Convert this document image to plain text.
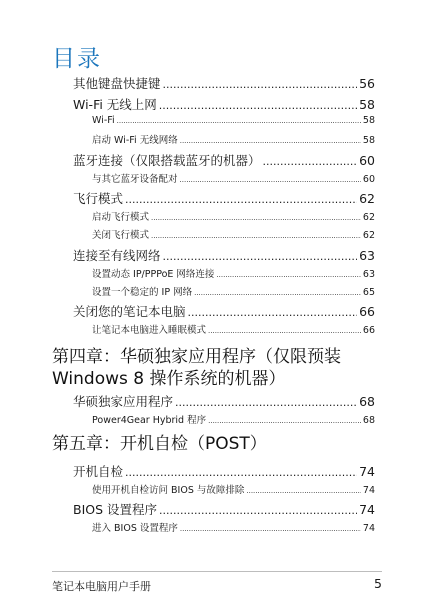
目录
其他键盘快捷键 .....	56
Wi-Fi 无线上网 .....	58
Wi-Fi .....	58
启动 Wi-Fi 无线网络 .....	58
蓝牙连接（仅限搭载蓝牙的机器） .....	60
与其它蓝牙设备配对 .....	60
飞行模式 .....	62
启动飞行模式 .....	62
关闭飞行模式 .....	62
连接至有线网络 .....	63
设置动态 IP/PPPoE 网络连接 .....	63
设置一个稳定的 IP 网络 .....	65
关闭您的笔记本电脑 .....	66
让笔记本电脑进入睡眠模式 .....	66
第四章：华硕独家应用程序（仅限预装
Windows 8 操作系统的机器）
华硕独家应用程序 .....	68
Power4Gear Hybrid 程序 .....	68
第五章：开机自检（POST）
开机自检 .....	74
使用开机自检访问 BIOS 与故障排除 .....	74
BIOS 设置程序 .....	74
进入 BIOS 设置程序 .....	74
笔记本电脑用户手册	5
